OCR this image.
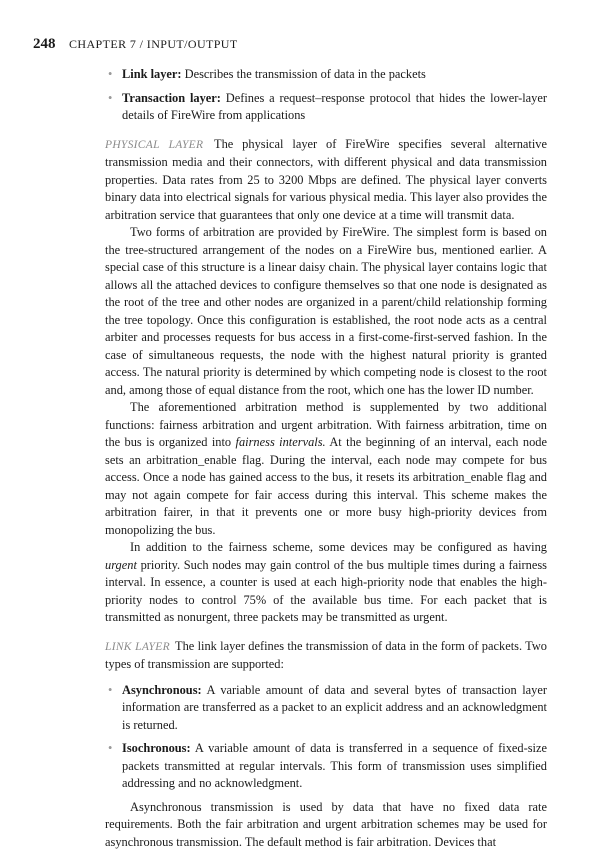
248 CHAPTER 7 / INPUT/OUTPUT
• Link layer: Describes the transmission of data in the packets
• Transaction layer: Defines a request–response protocol that hides the lower-layer details of FireWire from applications

PHYSICAL LAYER The physical layer of FireWire specifies several alternative transmission media and their connectors, with different physical and data transmission properties. Data rates from 25 to 3200 Mbps are defined. The physical layer converts binary data into electrical signals for various physical media. This layer also provides the arbitration service that guarantees that only one device at a time will transmit data.

Two forms of arbitration are provided by FireWire. The simplest form is based on the tree-structured arrangement of the nodes on a FireWire bus, mentioned earlier. A special case of this structure is a linear daisy chain. The physical layer contains logic that allows all the attached devices to configure themselves so that one node is designated as the root of the tree and other nodes are organized in a parent/child relationship forming the tree topology. Once this configuration is established, the root node acts as a central arbiter and processes requests for bus access in a first-come-first-served fashion. In the case of simultaneous requests, the node with the highest natural priority is granted access. The natural priority is determined by which competing node is closest to the root and, among those of equal distance from the root, which one has the lower ID number.

The aforementioned arbitration method is supplemented by two additional functions: fairness arbitration and urgent arbitration. With fairness arbitration, time on the bus is organized into fairness intervals. At the beginning of an interval, each node sets an arbitration_enable flag. During the interval, each node may compete for bus access. Once a node has gained access to the bus, it resets its arbitration_enable flag and may not again compete for fair access during this interval. This scheme makes the arbitration fairer, in that it prevents one or more busy high-priority devices from monopolizing the bus.

In addition to the fairness scheme, some devices may be configured as having urgent priority. Such nodes may gain control of the bus multiple times during a fairness interval. In essence, a counter is used at each high-priority node that enables the high-priority nodes to control 75% of the available bus time. For each packet that is transmitted as nonurgent, three packets may be transmitted as urgent.

LINK LAYER The link layer defines the transmission of data in the form of packets. Two types of transmission are supported:

• Asynchronous: A variable amount of data and several bytes of transaction layer information are transferred as a packet to an explicit address and an acknowledgment is returned.
• Isochronous: A variable amount of data is transferred in a sequence of fixed-size packets transmitted at regular intervals. This form of transmission uses simplified addressing and no acknowledgment.

Asynchronous transmission is used by data that have no fixed data rate requirements. Both the fair arbitration and urgent arbitration schemes may be used for asynchronous transmission. The default method is fair arbitration. Devices that
